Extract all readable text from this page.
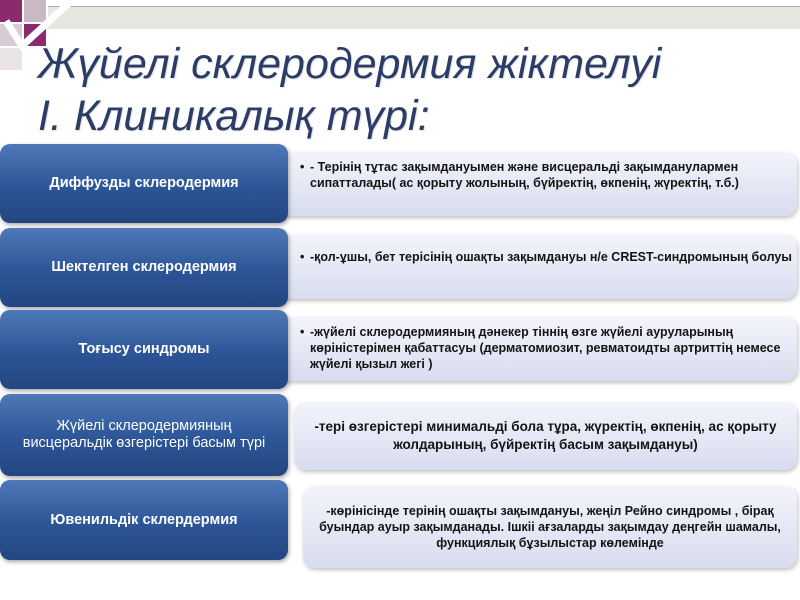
Жүйелі склеродермия жіктелуі
І. Клиникалық түрі:
• - Терінің тұтас зақымдануымен және висцеральді зақымданулармен сипатталады( ас қорыту жолының, бүйректің, өкпенің, жүректің, т.б.)
Диффузды склеродермия
• -қол-ұшы, бет терісінің ошақты зақымдануы н/е CREST-синдромының болуы
Шектелген склеродермия
• -жүйелі склеродермияның дәнекер тіннің өзге жүйелі ауруларының көріністерімен қабаттасуы (дерматомиозит, ревматоидты артриттің немесе жүйелі қызыл жегі )
Тоғысу синдромы
-тері өзгерістері минимальді бола тұра, жүректің, өкпенің, ас қорыту жолдарының, бүйректің басым зақымдануы)
Жүйелі склеродермияның висцеральдік өзгерістері басым түрі
-көрінісінде терінің ошақты зақымдануы, жеңіл Рейно синдромы , бірақ буындар ауыр зақымданады. Ішкіі ағзаларды зақымдау деңгейн шамалы, функциялық бұзылыстар көлемінде
Ювенильдік склердермия
